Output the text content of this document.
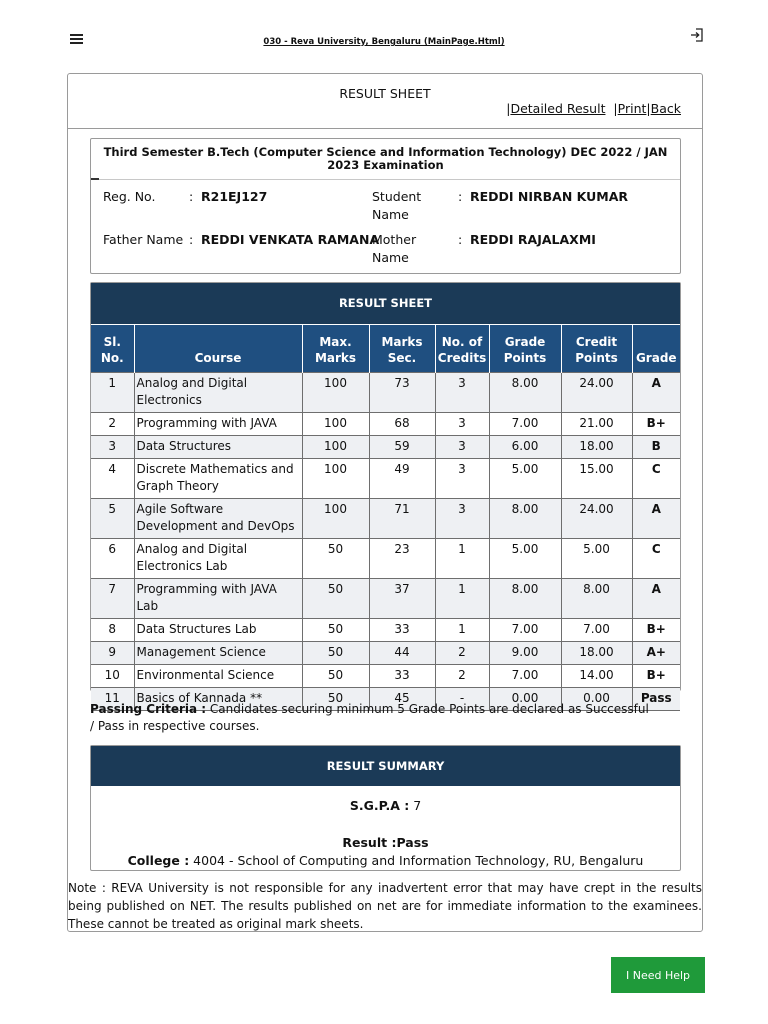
030 - Reva University, Bengaluru (MainPage.Html)
RESULT SHEET
|Detailed Result  |Print|Back
Third Semester B.Tech (Computer Science and Information Technology) DEC 2022 / JAN 2023 Examination
Reg. No.	: R21EJ127	Student Name
: REDDI NIRBAN KUMAR
Father Name : REDDI VENKATA RAMANA
Mother Name
: REDDI RAJALAXMI
RESULT SHEET
Sl. No.	Course	Max. Marks	Marks Sec.	No. of Credits	Grade Points	Credit Points	Grade
1	Analog and Digital Electronics	100	73	3	8.00	24.00	A
2	Programming with JAVA	100	68	3	7.00	21.00	B+
3	Data Structures	100	59	3	6.00	18.00	B
4	Discrete Mathematics and Graph Theory	100	49	3	5.00	15.00	C
5	Agile Software Development and DevOps	100	71	3	8.00	24.00	A
6	Analog and Digital Electronics Lab	50	23	1	5.00	5.00	C
7	Programming with JAVA Lab	50	37	1	8.00	8.00	A
8	Data Structures Lab	50	33	1	7.00	7.00	B+
9	Management Science	50	44	2	9.00	18.00	A+
10	Environmental Science	50	33	2	7.00	14.00	B+
11	Basics of Kannada **	50	45	-	0.00	0.00	Pass
Passing Criteria : Candidates securing minimum 5 Grade Points are declared as Successful / Pass in respective courses.
RESULT SUMMARY
S.G.P.A : 7
Result :Pass
College : 4004 - School of Computing and Information Technology, RU, Bengaluru
Note : REVA University is not responsible for any inadvertent error that may have crept in the results being published on NET. The results published on net are for immediate information to the examinees. These cannot be treated as original mark sheets.
I Need Help
